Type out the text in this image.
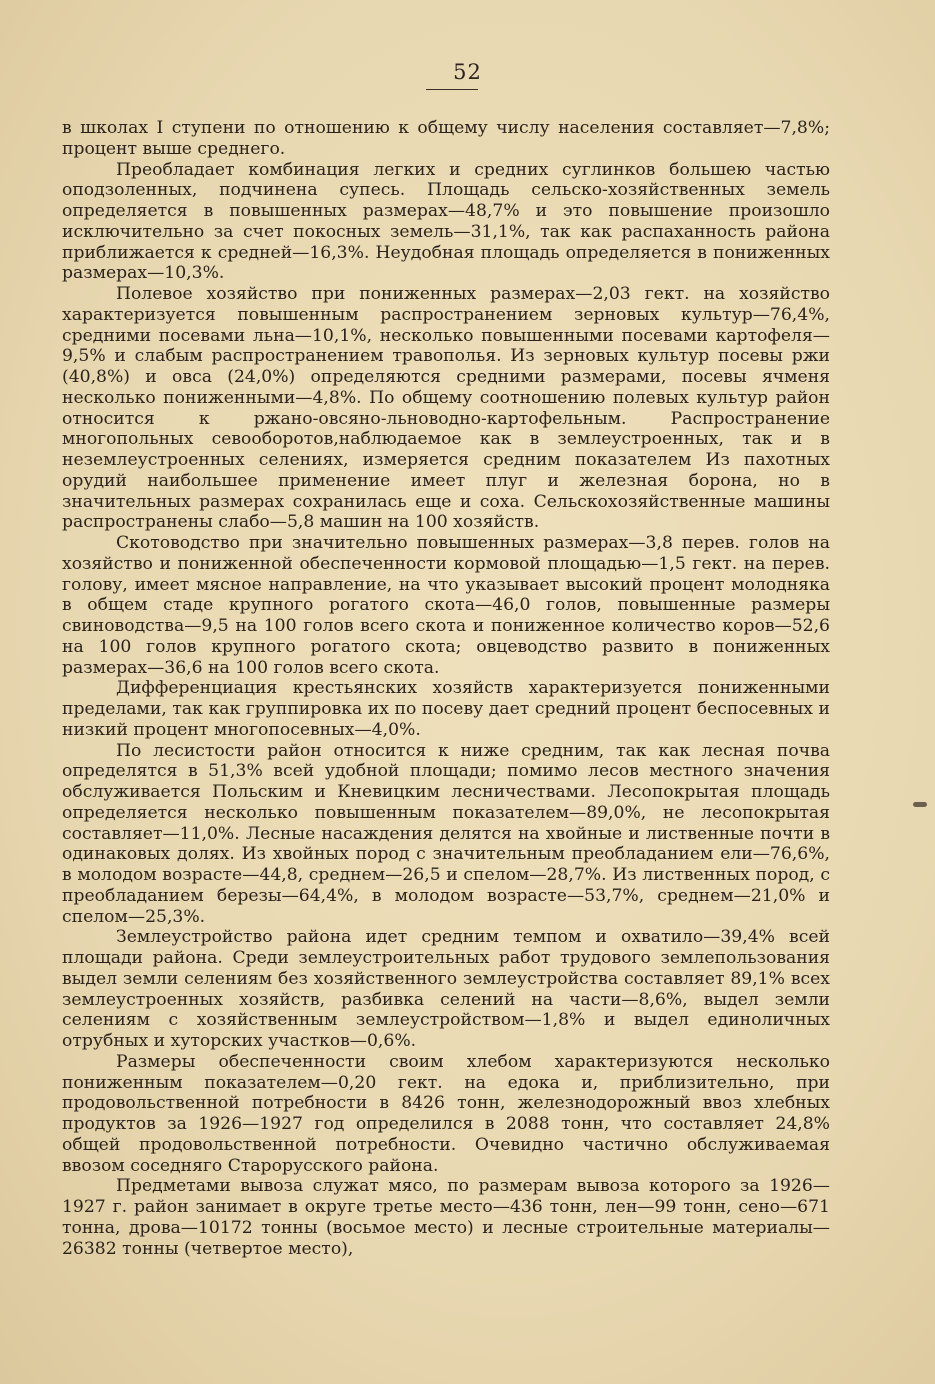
52

в школах I ступени по отношению к общему числу населения составляет—7,8%; процент выше среднего.

Преобладает комбинация легких и средних суглинков большею частью оподзоленных, подчинена супесь. Площадь сельско-хозяйственных земель определяется в повышенных размерах—48,7% и это повышение произошло исключительно за счет покосных земель—31,1%, так как распаханность района приближается к средней—16,3%. Неудобная площадь определяется в пониженных размерах—10,3%.

Полевое хозяйство при пониженных размерах—2,03 гект. на хозяйство характеризуется повышенным распространением зерновых культур—76,4%, средними посевами льна—10,1%, несколько повышенными посевами картофеля—9,5% и слабым распространением травополья. Из зерновых культур посевы ржи (40,8%) и овса (24,0%) определяются средними размерами, посевы ячменя несколько пониженными—4,8%. По общему соотношению полевых культур район относится к ржано-овсяно-льноводно-картофельным. Распространение многопольных севооборотов,наблюдаемое как в землеустроенных, так и в неземлеустроенных селениях, измеряется средним показателем Из пахотных орудий наибольшее применение имеет плуг и железная борона, но в значительных размерах сохранилась еще и соха. Сельскохозяйственные машины распространены слабо—5,8 машин на 100 хозяйств.

Скотоводство при значительно повышенных размерах—3,8 перев. голов на хозяйство и пониженной обеспеченности кормовой площадью—1,5 гект. на перев. голову, имеет мясное направление, на что указывает высокий процент молодняка в общем стаде крупного рогатого скота—46,0 голов, повышенные размеры свиноводства—9,5 на 100 голов всего скота и пониженное количество коров—52,6 на 100 голов крупного рогатого скота; овцеводство развито в пониженных размерах—36,6 на 100 голов всего скота.

Дифференциация крестьянских хозяйств характеризуется пониженными пределами, так как группировка их по посеву дает средний процент беспосевных и низкий процент многопосевных—4,0%.

По лесистости район относится к ниже средним, так как лесная почва определятся в 51,3% всей удобной площади; помимо лесов местного значения обслуживается Польским и Кневицким лесничествами. Лесопокрытая площадь определяется несколько повышенным показателем—89,0%, не лесопокрытая составляет—11,0%. Лесные насаждения делятся на хвойные и лиственные почти в одинаковых долях. Из хвойных пород с значительным преобладанием ели—76,6%, в молодом возрасте—44,8, среднем—26,5 и спелом—28,7%. Из лиственных пород, с преобладанием березы—64,4%, в молодом возрасте—53,7%, среднем—21,0% и спелом—25,3%.

Землеустройство района идет средним темпом и охватило—39,4% всей площади района. Среди землеустроительных работ трудового землепользования выдел земли селениям без хозяйственного землеустройства составляет 89,1% всех землеустроенных хозяйств, разбивка селений на части—8,6%, выдел земли селениям с хозяйственным землеустройством—1,8% и выдел единоличных отрубных и хуторских участков—0,6%.

Размеры обеспеченности своим хлебом характеризуются несколько пониженным показателем—0,20 гект. на едока и, приблизительно, при продовольственной потребности в 8426 тонн, железнодорожный ввоз хлебных продуктов за 1926—1927 год определился в 2088 тонн, что составляет 24,8% общей продовольственной потребности. Очевидно частично обслуживаемая ввозом соседняго Старорусского района.

Предметами вывоза служат мясо, по размерам вывоза которого за 1926—1927 г. район занимает в округе третье место—436 тонн, лен—99 тонн, сено—671 тонна, дрова—10172 тонны (восьмое место) и лесные строительные материалы—26382 тонны (четвертое место),
